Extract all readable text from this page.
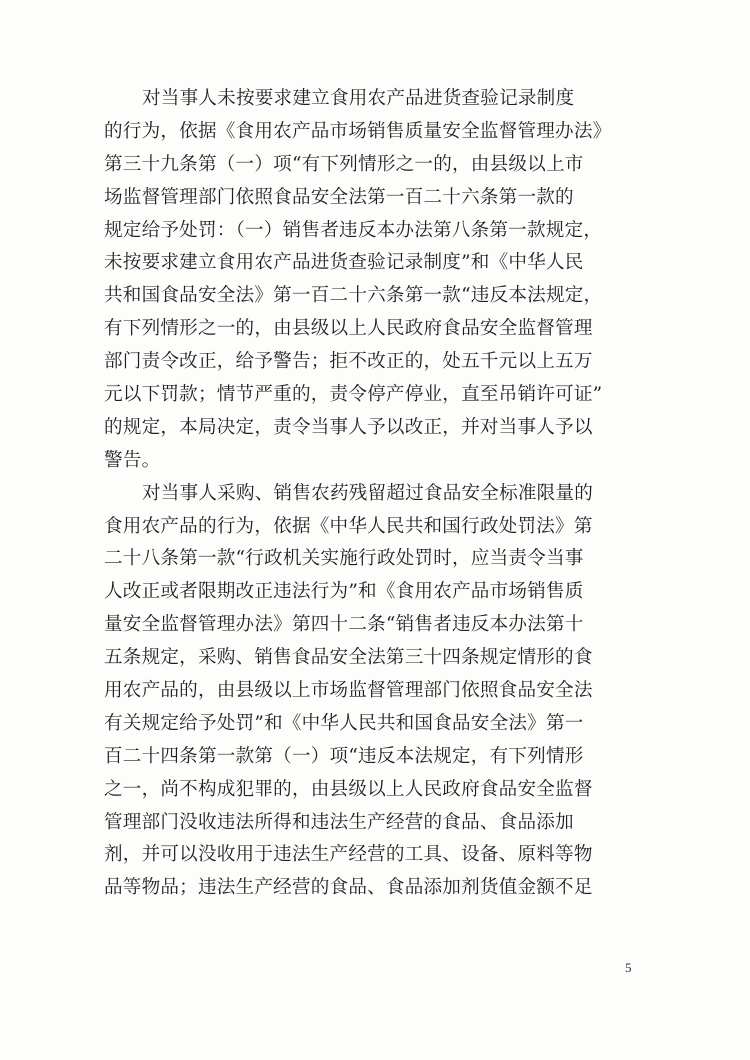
对当事人未按要求建立食用农产品进货查验记录制度
的行为，依据《食用农产品市场销售质量安全监督管理办法》
第三十九条第（一）项“有下列情形之一的，由县级以上市
场监督管理部门依照食品安全法第一百二十六条第一款的
规定给予处罚：（一）销售者违反本办法第八条第一款规定，
未按要求建立食用农产品进货查验记录制度”和《中华人民
共和国食品安全法》第一百二十六条第一款“违反本法规定，
有下列情形之一的，由县级以上人民政府食品安全监督管理
部门责令改正，给予警告；拒不改正的，处五千元以上五万
元以下罚款；情节严重的，责令停产停业，直至吊销许可证”
的规定，本局决定，责令当事人予以改正，并对当事人予以
警告。
对当事人采购、销售农药残留超过食品安全标准限量的
食用农产品的行为，依据《中华人民共和国行政处罚法》第
二十八条第一款“行政机关实施行政处罚时，应当责令当事
人改正或者限期改正违法行为”和《食用农产品市场销售质
量安全监督管理办法》第四十二条“销售者违反本办法第十
五条规定，采购、销售食品安全法第三十四条规定情形的食
用农产品的，由县级以上市场监督管理部门依照食品安全法
有关规定给予处罚”和《中华人民共和国食品安全法》第一
百二十四条第一款第（一）项“违反本法规定，有下列情形
之一，尚不构成犯罪的，由县级以上人民政府食品安全监督
管理部门没收违法所得和违法生产经营的食品、食品添加
剂，并可以没收用于违法生产经营的工具、设备、原料等物
品等物品；违法生产经营的食品、食品添加剂货值金额不足
5
